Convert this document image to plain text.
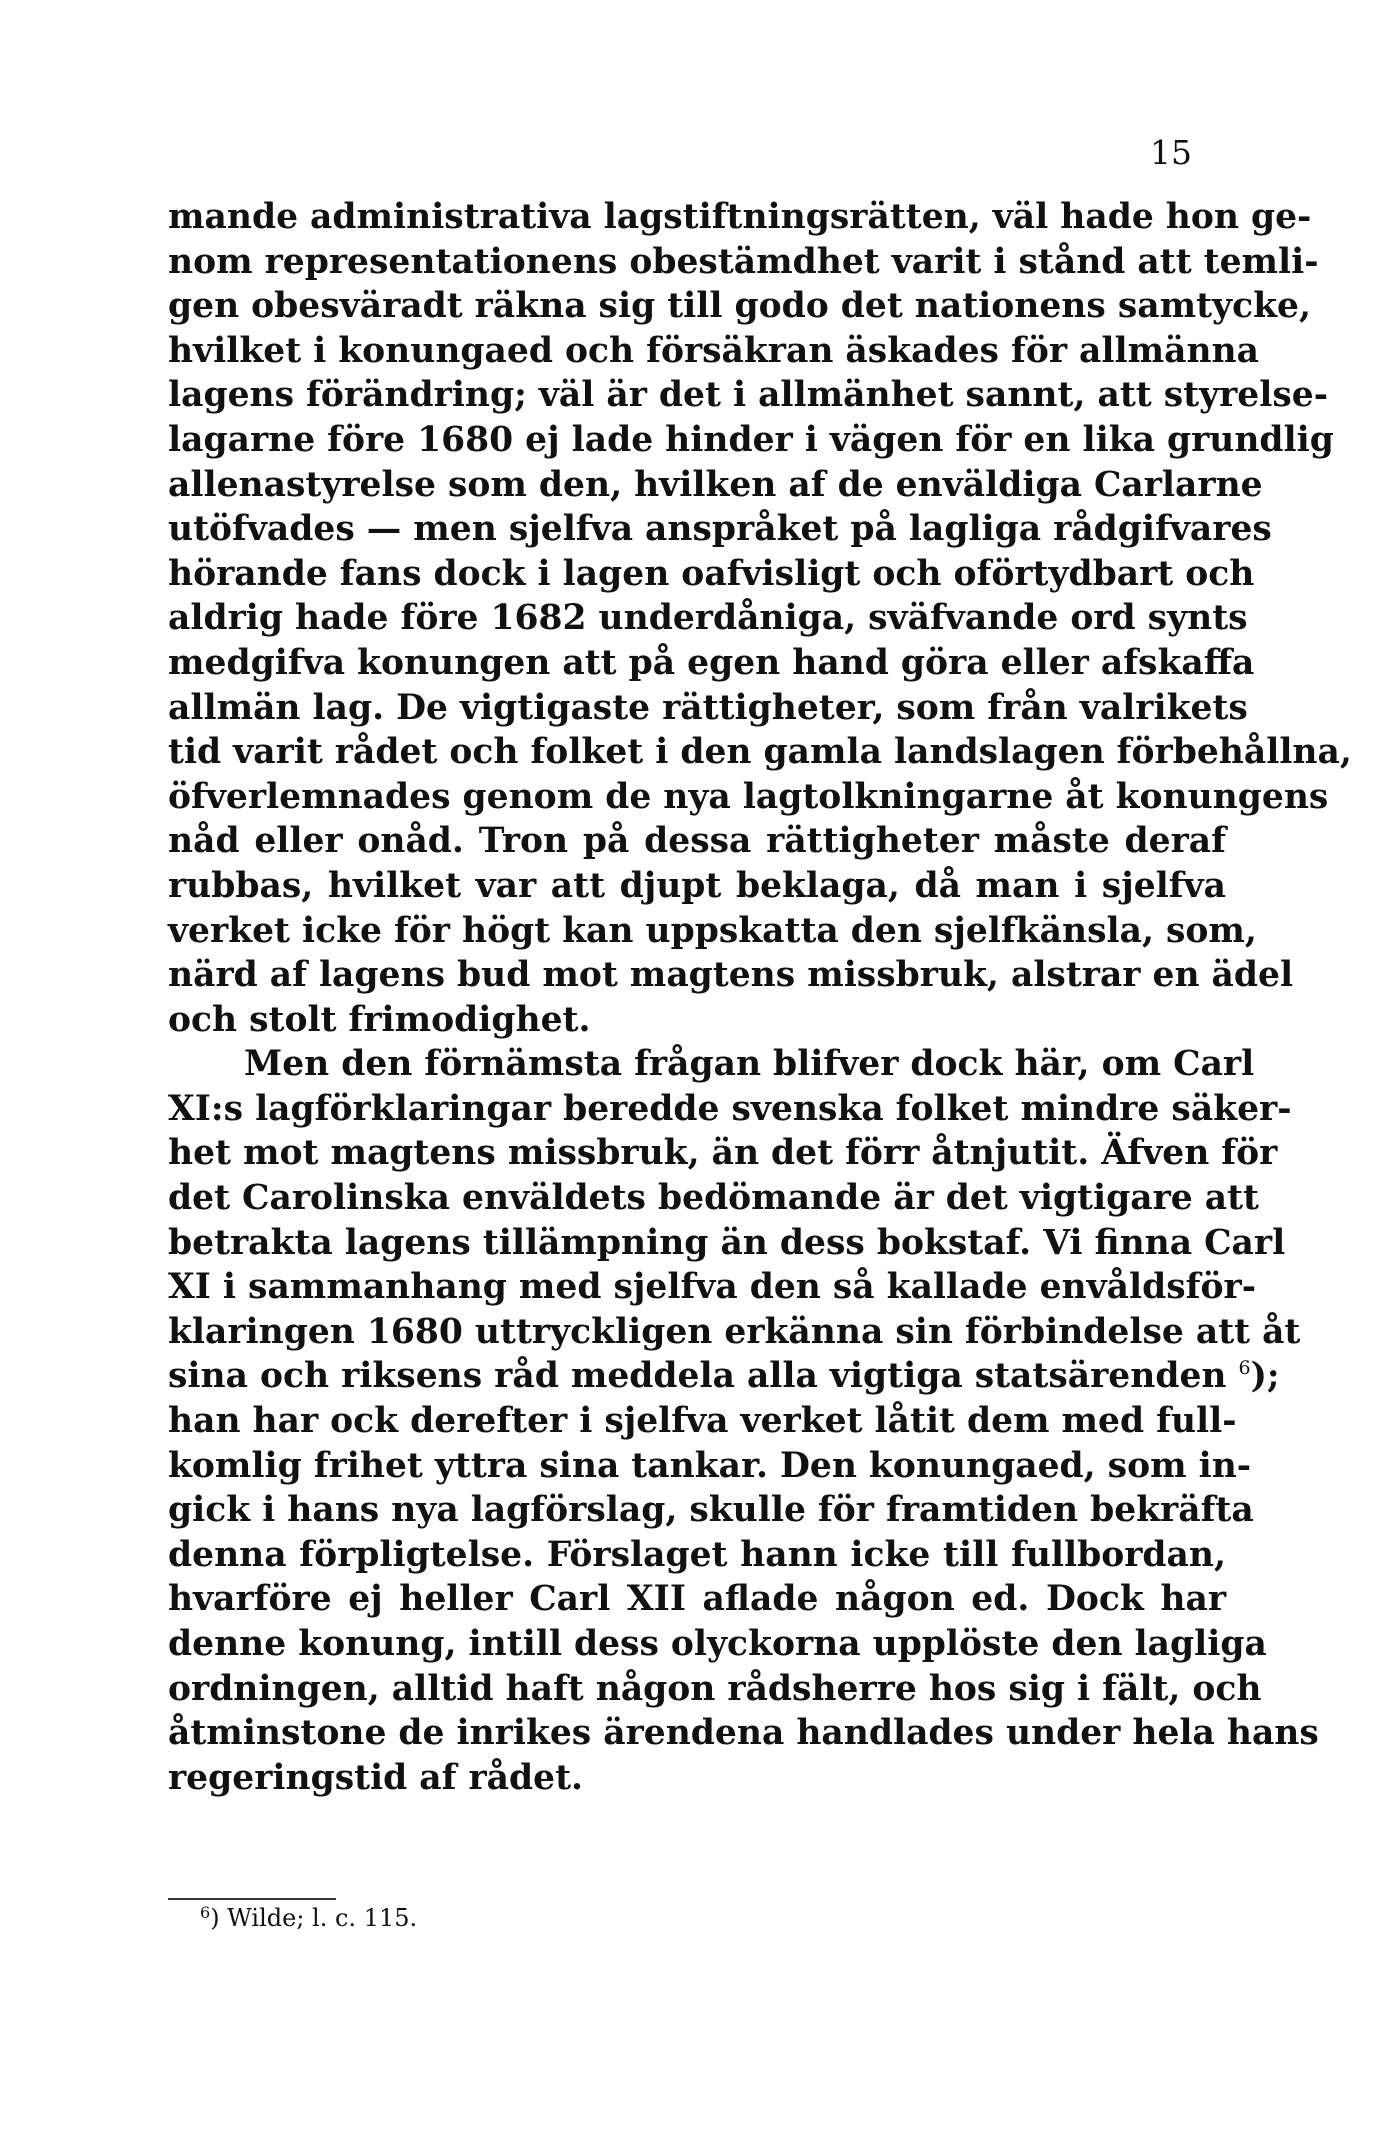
15
mande administrativa lagstiftningsrätten, väl hade hon ge-
nom representationens obestämdhet varit i stånd att temli-
gen obesväradt räkna sig till godo det nationens samtycke,
hvilket i konungaed och försäkran äskades för allmänna
lagens förändring; väl är det i allmänhet sannt, att styrelse-
lagarne före 1680 ej lade hinder i vägen för en lika grundlig
allenastyrelse som den, hvilken af de enväldiga Carlarne
utöfvades — men sjelfva anspråket på lagliga rådgifvares
hörande fans dock i lagen oafvisligt och oförtydbart och
aldrig hade före 1682 underdåniga, sväfvande ord synts
medgifva konungen att på egen hand göra eller afskaffa
allmän lag. De vigtigaste rättigheter, som från valrikets
tid varit rådet och folket i den gamla landslagen förbehållna,
öfverlemnades genom de nya lagtolkningarne åt konungens
nåd eller onåd. Tron på dessa rättigheter måste deraf
rubbas, hvilket var att djupt beklaga, då man i sjelfva
verket icke för högt kan uppskatta den sjelfkänsla, som,
närd af lagens bud mot magtens missbruk, alstrar en ädel
och stolt frimodighet.
Men den förnämsta frågan blifver dock här, om Carl
XI:s lagförklaringar beredde svenska folket mindre säker-
het mot magtens missbruk, än det förr åtnjutit. Äfven för
det Carolinska enväldets bedömande är det vigtigare att
betrakta lagens tillämpning än dess bokstaf. Vi finna Carl
XI i sammanhang med sjelfva den så kallade envåldsför-
klaringen 1680 uttryckligen erkänna sin förbindelse att åt
sina och riksens råd meddela alla vigtiga statsärenden $^6$);
han har ock derefter i sjelfva verket låtit dem med full-
komlig frihet yttra sina tankar. Den konungaed, som in-
gick i hans nya lagförslag, skulle för framtiden bekräfta
denna förpligtelse. Förslaget hann icke till fullbordan,
hvarföre ej heller Carl XII aflade någon ed. Dock har
denne konung, intill dess olyckorna upplöste den lagliga
ordningen, alltid haft någon rådsherre hos sig i fält, och
åtminstone de inrikes ärendena handlades under hela hans
regeringstid af rådet.
$^6$) Wilde; l. c. 115.
